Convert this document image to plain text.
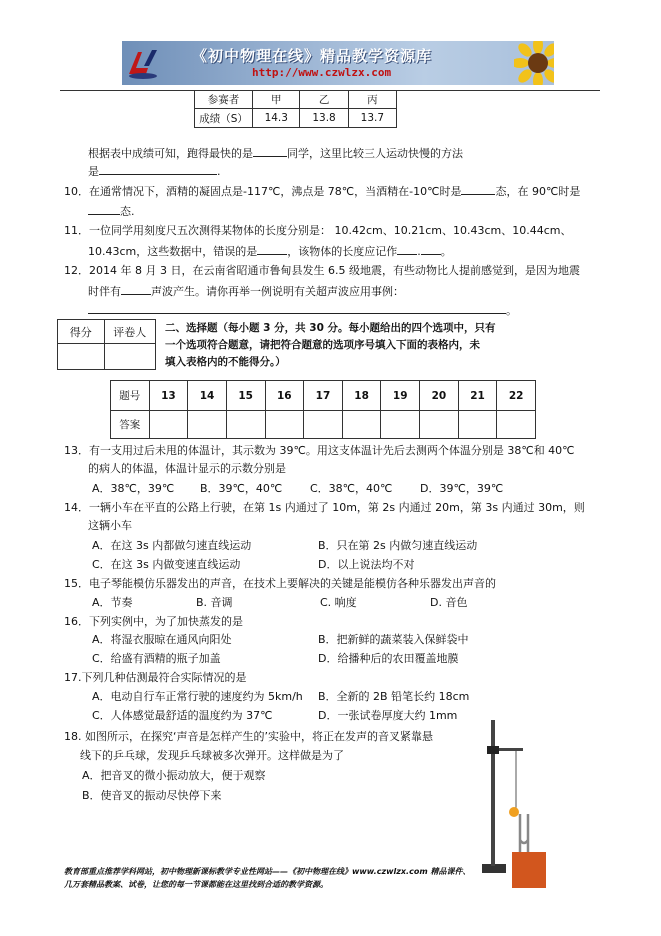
《初中物理在线》精品教学资源库
http://www.czwlzx.com
参赛者	甲	乙	丙
成绩（S）	14.3	13.8	13.7
根据表中成绩可知，跑得最快的是	同学，这里比较三人运动快慢的方法
是	.
10．在通常情况下，酒精的凝固点是-117℃，沸点是 78℃，当酒精在-10℃时是	态，在 90℃时是
态.
11．一位同学用刻度尺五次测得某物体的长度分别是： 10.42cm、10.21cm、10.43cm、10.44cm、
10.43cm，这些数据中，错误的是	，该物体的长度应记作 . 。
12．2014 年 8 月 3 日，在云南省昭通市鲁甸县发生 6.5 级地震，有些动物比人提前感觉到，是因为地震
时伴有	声波产生。请你再举一例说明有关超声波应用事例：
。
得分	评卷人
	二、选择题（每小题 3 分，共 30 分。每小题给出的四个选项中，只有
一个选项符合题意，请把符合题意的选项序号填入下面的表格内，未
填入表格内的不能得分。）
题号	13	14	15	16	17	18	19	20	21	22
答案										
13．有一支用过后未甩的体温计，其示数为 39℃。用这支体温计先后去测两个体温分别是 38℃和 40℃
的病人的体温，体温计显示的示数分别是
A．38℃，39℃ B．39℃，40℃	C．38℃，40℃	D．39℃，39℃
14．一辆小车在平直的公路上行驶，在第 1s 内通过了 10m，第 2s 内通过 20m，第 3s 内通过 30m，则
这辆小车
A．在这 3s 内都做匀速直线运动	B．只在第 2s 内做匀速直线运动
C．在这 3s 内做变速直线运动	D．以上说法均不对
15．电子琴能模仿乐器发出的声音，在技术上要解决的关键是能模仿各种乐器发出声音的
A．节奏	B. 音调	C. 响度	D. 音色
16．下列实例中，为了加快蒸发的是
A．将湿衣服晾在通风向阳处	B．把新鲜的蔬菜装入保鲜袋中
C．给盛有酒精的瓶子加盖	D．给播种后的农田覆盖地膜
17.下列几种估测最符合实际情况的是
A．电动自行车正常行驶的速度约为 5km/h B．全新的 2B 铅笔长约 18cm
C．人体感觉最舒适的温度约为 37℃	D．一张试卷厚度大约 1mm
18. 如图所示，在探究‘声音是怎样产生的’实验中，将正在发声的音叉紧靠悬
线下的乒乓球，发现乒乓球被多次弹开。这样做是为了
A．把音叉的微小振动放大，便于观察
B．使音叉的振动尽快停下来
教育部重点推荐学科网站，初中物理新课标教学专业性网站——《初中物理在线》www.czwlzx.com 精品课件、
几万套精品教案、试卷，让您的每一节课都能在这里找到合适的教学资源。
